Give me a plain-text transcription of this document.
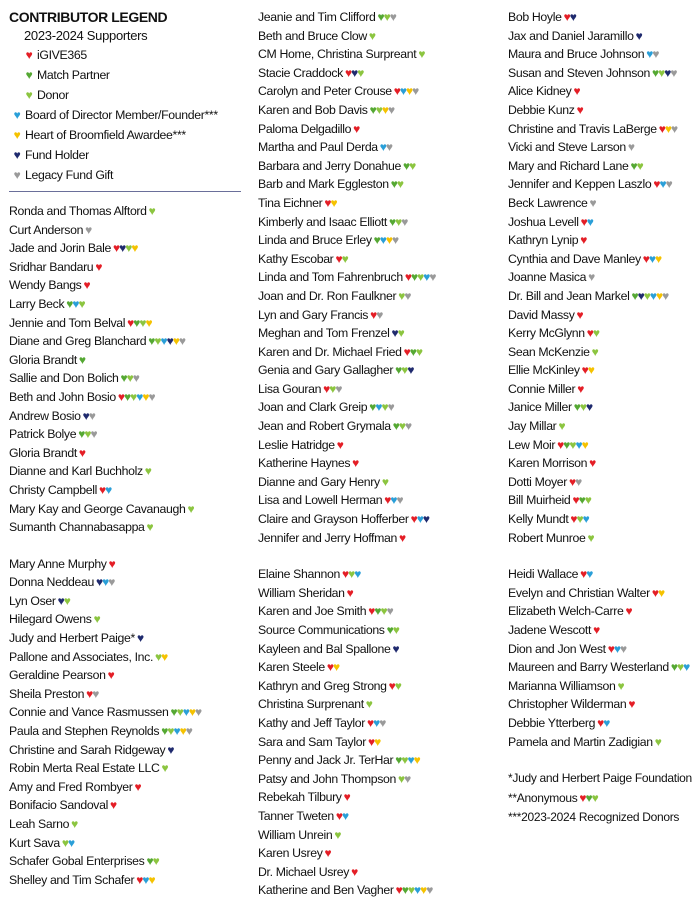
CONTRIBUTOR LEGEND
2023-2024 Supporters
♥ iGIVE365
♥ Match Partner
♥ Donor
♥ Board of Director Member/Founder***
♥ Heart of Broomfield Awardee***
♥ Fund Holder
♥ Legacy Fund Gift
Ronda and Thomas Alftord ♥
Curt Anderson ♥
Jade and Jorin Bale ♥♥♥♥
Sridhar Bandaru ♥
Wendy Bangs ♥
Larry Beck ♥♥♥
Jennie and Tom Belval ♥♥♥♥
Diane and Greg Blanchard ♥♥♥♥♥♥
Gloria Brandt ♥
Sallie and Don Bolich ♥♥♥
Beth and John Bosio ♥♥♥♥♥♥
Andrew Bosio ♥♥
Patrick Bolye ♥♥♥
Gloria Brandt ♥
Dianne and Karl Buchholz ♥
Christy Campbell ♥♥
Mary Kay and George Cavanaugh ♥
Sumanth Channabasappa ♥
Mary Anne Murphy ♥
Donna Neddeau ♥♥♥
Lyn Oser ♥♥
Hilegard Owens ♥
Judy and Herbert Paige* ♥
Pallone and Associates, Inc. ♥♥
Geraldine Pearson ♥
Sheila Preston ♥♥
Connie and Vance Rasmussen ♥♥♥♥♥
Paula and Stephen Reynolds ♥♥♥♥♥
Christine and Sarah Ridgeway ♥
Robin Merta Real Estate LLC ♥
Amy and Fred Rombyer ♥
Bonifacio Sandoval ♥
Leah Sarno ♥
Kurt Sava ♥♥
Schafer Gobal Enterprises ♥♥
Shelley and Tim Schafer ♥♥♥
Jeanie and Tim Clifford ♥♥♥
Beth and Bruce Clow ♥
CM Home, Christina Surpreant ♥
Stacie Craddock ♥♥♥
Carolyn and Peter Crouse ♥♥♥♥
Karen and Bob Davis ♥♥♥♥
Paloma Delgadillo ♥
Martha and Paul Derda ♥♥
Barbara and Jerry Donahue ♥♥
Barb and Mark Eggleston ♥♥
Tina Eichner ♥♥
Kimberly and Isaac Elliott ♥♥♥
Linda and Bruce Erley ♥♥♥♥
Kathy Escobar ♥♥
Linda and Tom Fahrenbruch ♥♥♥♥♥
Joan and Dr. Ron Faulkner ♥♥
Lyn and Gary Francis ♥♥
Meghan and Tom Frenzel ♥♥
Karen and Dr. Michael Fried ♥♥♥
Genia and Gary Gallagher ♥♥♥
Lisa Gouran ♥♥♥
Joan and Clark Greip ♥♥♥♥
Jean and Robert Grymala ♥♥♥
Leslie Hatridge ♥
Katherine Haynes ♥
Dianne and Gary Henry ♥
Lisa and Lowell Herman ♥♥♥
Claire and Grayson Hofferber ♥♥♥
Jennifer and Jerry Hoffman ♥
Elaine Shannon ♥♥♥
William Sheridan ♥
Karen and Joe Smith ♥♥♥♥
Source Communications ♥♥
Kayleen and Bal Spallone ♥
Karen Steele ♥♥
Kathryn and Greg Strong ♥♥
Christina Surprenant ♥
Kathy and Jeff Taylor ♥♥♥
Sara and Sam Taylor ♥♥
Penny and Jack Jr. TerHar ♥♥♥♥
Patsy and John Thompson ♥♥
Rebekah Tilbury ♥
Tanner Tweten ♥♥
William Unrein ♥
Karen Usrey ♥
Dr. Michael Usrey ♥
Katherine and Ben Vagher ♥♥♥♥♥♥
Bob Hoyle ♥♥
Jax and Daniel Jaramillo ♥
Maura and Bruce Johnson ♥♥
Susan and Steven Johnson ♥♥♥♥
Alice Kidney ♥
Debbie Kunz ♥
Christine and Travis LaBerge ♥♥♥
Vicki and Steve Larson ♥
Mary and Richard Lane ♥♥
Jennifer and Keppen Laszlo ♥♥♥
Beck Lawrence ♥
Joshua Levell ♥♥
Kathryn Lynip ♥
Cynthia and Dave Manley ♥♥♥
Joanne Masica ♥
Dr. Bill and Jean Markel ♥♥♥♥♥♥
David Massy ♥
Kerry McGlynn ♥♥
Sean McKenzie ♥
Ellie McKinley ♥♥
Connie Miller ♥
Janice Miller ♥♥♥
Jay Millar ♥
Lew Moir ♥♥♥♥♥
Karen Morrison ♥
Dotti Moyer ♥♥
Bill Muirheid ♥♥♥
Kelly Mundt ♥♥♥
Robert Munroe ♥
Heidi Wallace ♥♥
Evelyn and Christian Walter ♥♥
Elizabeth Welch-Carre ♥
Jadene Wescott ♥
Dion and Jon West ♥♥♥
Maureen and Barry Westerland ♥♥♥
Marianna Williamson ♥
Christopher Wilderman ♥
Debbie Ytterberg ♥♥
Pamela and Martin Zadigian ♥
*Judy and Herbert Paige Foundation
**Anonymous ♥♥♥
***2023-2024 Recognized Donors
